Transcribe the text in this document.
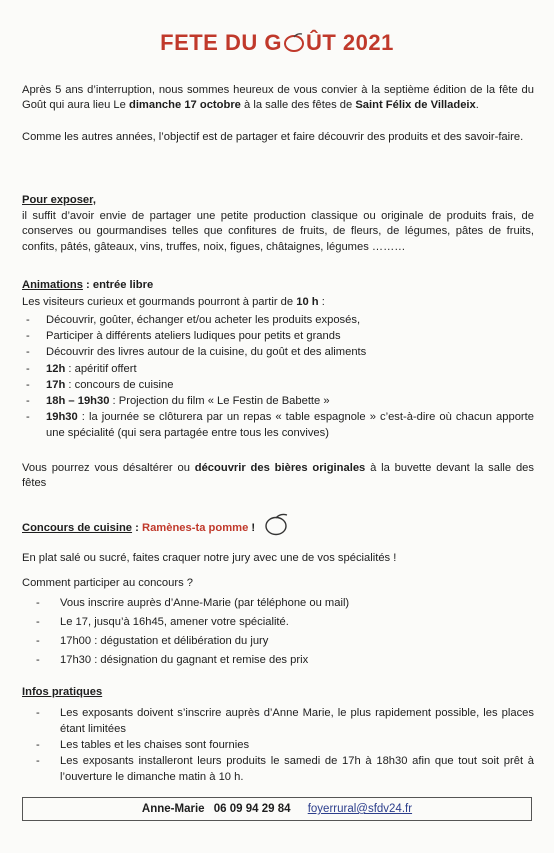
FETE DU G ÛT 2021
Après 5 ans d’interruption, nous sommes heureux de vous convier à la septième édition de la fête du Goût qui aura lieu Le dimanche 17 octobre à la salle des fêtes de Saint Félix de Villadeix.
Comme les autres années, l’objectif est de partager et faire découvrir des produits et des savoir-faire.
Pour exposer,
il suffit d’avoir envie de partager une petite production classique ou originale de produits frais, de conserves ou gourmandises telles que confitures de fruits, de fleurs, de légumes, pâtes de fruits, confits, pâtés, gâteaux, vins, truffes, noix, figues, châtaignes, légumes ………
Animations : entrée libre
Les visiteurs curieux et gourmands pourront à partir de 10 h :
- Découvrir, goûter, échanger et/ou acheter les produits exposés,
- Participer à différents ateliers ludiques pour petits et grands
- Découvrir des livres autour de la cuisine, du goût et des aliments
- 12h : apéritif offert
- 17h : concours de cuisine
- 18h – 19h30 : Projection du film « Le Festin de Babette »
- 19h30 : la journée se clôturera par un repas « table espagnole » c’est-à-dire où chacun apporte une spécialité (qui sera partagée entre tous les convives)
Vous pourrez vous désaltérer ou découvrir des bières originales à la buvette devant la salle des fêtes
Concours de cuisine : Ramènes-ta pomme !
En plat salé ou sucré, faites craquer notre jury avec une de vos spécialités !
Comment participer au concours ?
- Vous inscrire auprès d’Anne-Marie (par téléphone ou mail)
- Le 17, jusqu’à 16h45, amener votre spécialité.
- 17h00 : dégustation et délibération du jury
- 17h30 : désignation du gagnant et remise des prix
Infos pratiques
- Les exposants doivent s’inscrire auprès d’Anne Marie, le plus rapidement possible, les places étant limitées
- Les tables et les chaises sont fournies
- Les exposants installeront leurs produits le samedi de 17h à 18h30 afin que tout soit prêt à l’ouverture le dimanche matin à 10 h.
Anne-Marie 06 09 94 29 84 foyerrural@sfdv24.fr
